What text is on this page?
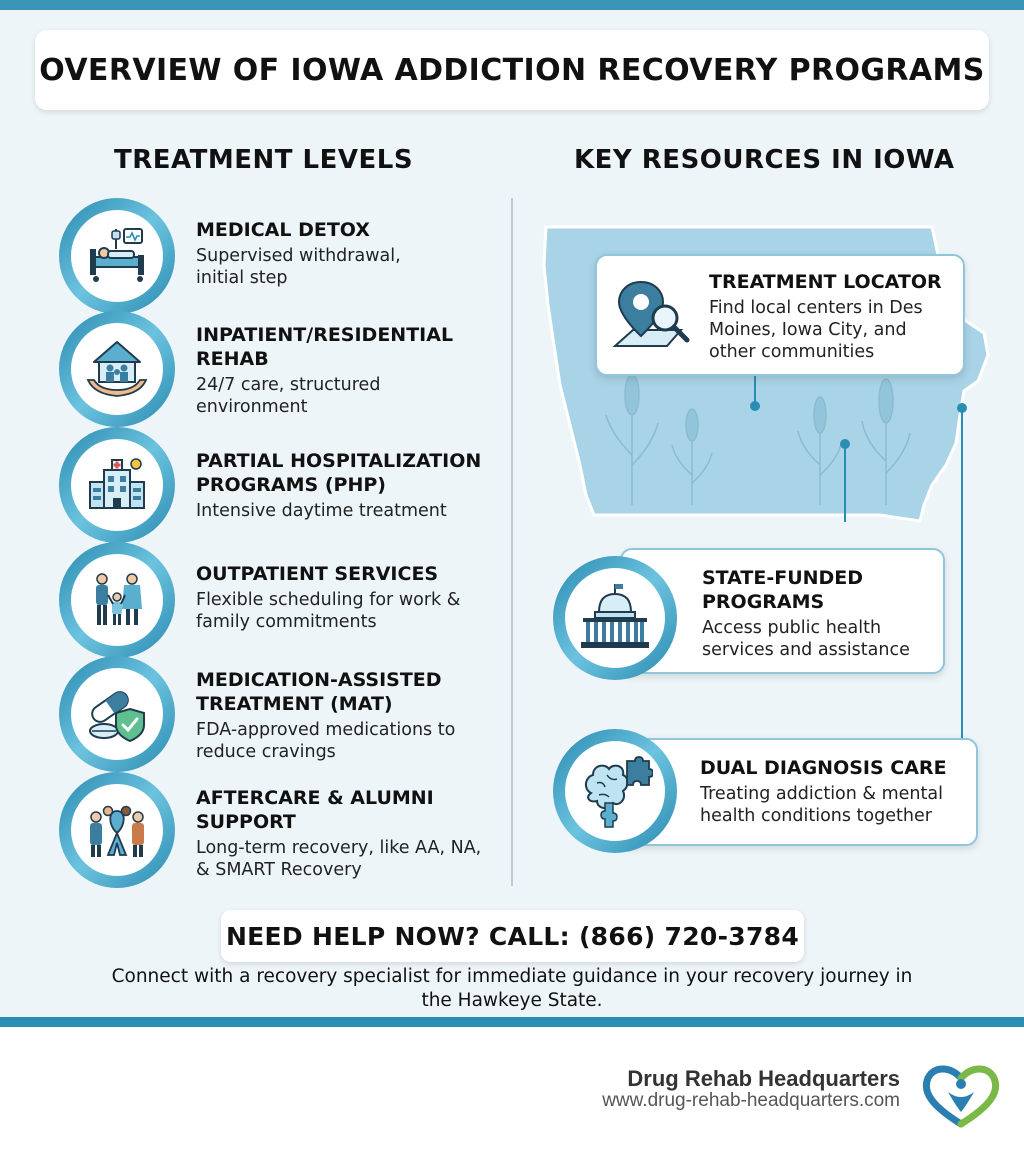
OVERVIEW OF IOWA ADDICTION RECOVERY PROGRAMS
TREATMENT LEVELS	KEY RESOURCES IN IOWA
MEDICAL DETOX
Supervised withdrawal, initial step
INPATIENT/RESIDENTIAL REHAB
24/7 care, structured environment
PARTIAL HOSPITALIZATION PROGRAMS (PHP)
Intensive daytime treatment
OUTPATIENT SERVICES
Flexible scheduling for work & family commitments
MEDICATION-ASSISTED TREATMENT (MAT)
FDA-approved medications to reduce cravings
AFTERCARE & ALUMNI SUPPORT
Long-term recovery, like AA, NA, & SMART Recovery
TREATMENT LOCATOR
Find local centers in Des Moines, Iowa City, and other communities
STATE-FUNDED PROGRAMS
Access public health services and assistance
DUAL DIAGNOSIS CARE
Treating addiction & mental health conditions together
NEED HELP NOW? CALL: (866) 720-3784
Connect with a recovery specialist for immediate guidance in your recovery journey in the Hawkeye State.
Drug Rehab Headquarters
www.drug-rehab-headquarters.com
